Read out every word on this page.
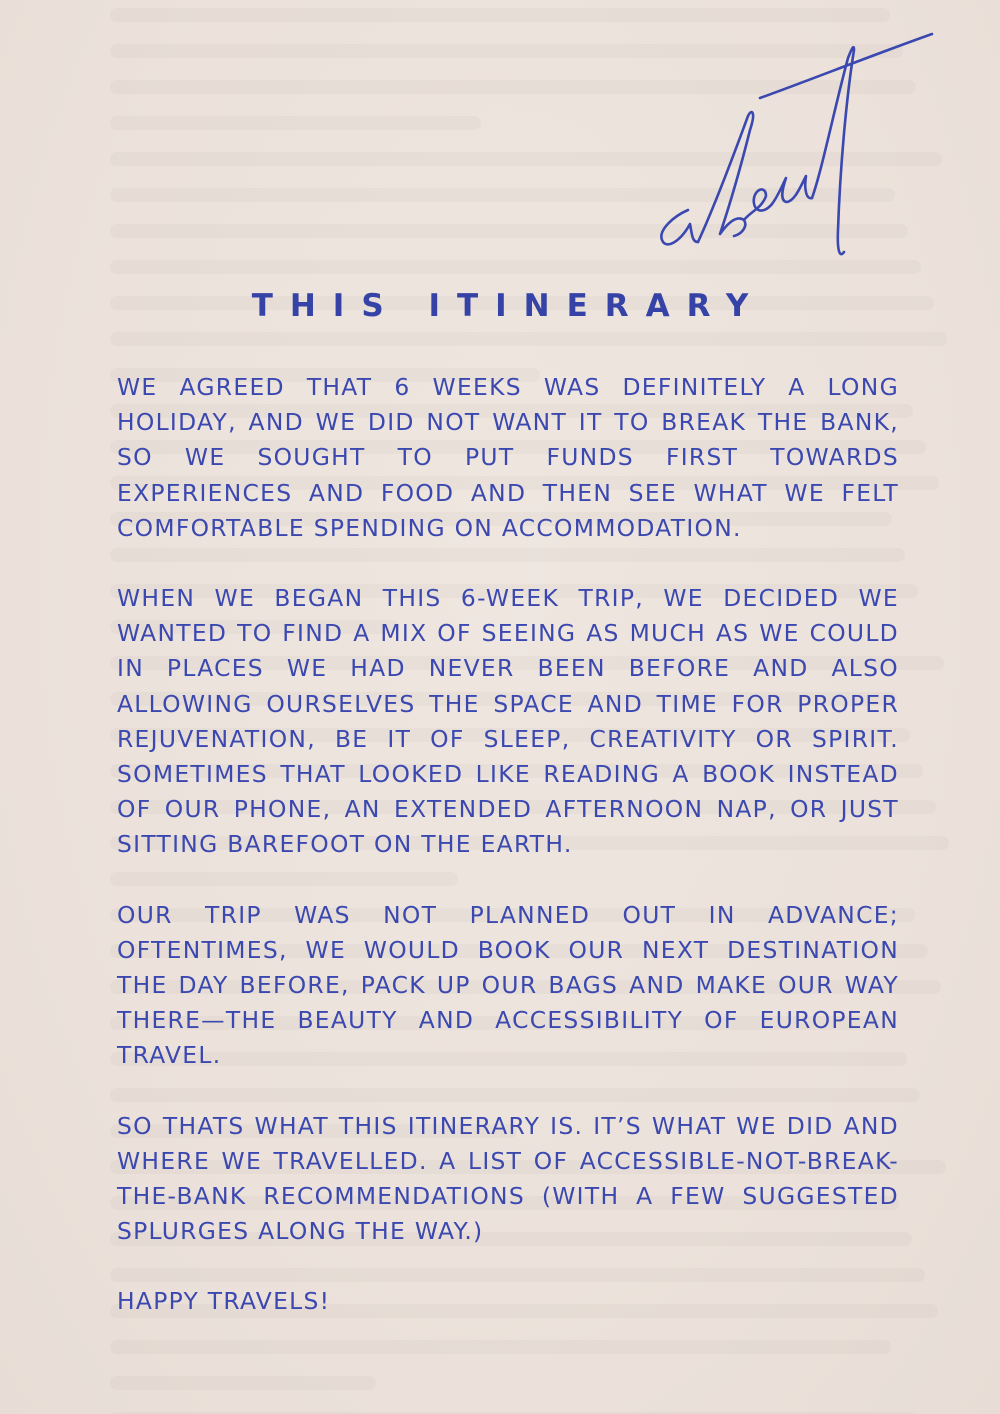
THIS ITINERARY

WE AGREED THAT 6 WEEKS WAS DEFINITELY A LONG HOLIDAY, AND WE DID NOT WANT IT TO BREAK THE BANK, SO WE SOUGHT TO PUT FUNDS FIRST TOWARDS EXPERIENCES AND FOOD AND THEN SEE WHAT WE FELT COMFORTABLE SPENDING ON ACCOMMODATION.

WHEN WE BEGAN THIS 6-WEEK TRIP, WE DECIDED WE WANTED TO FIND A MIX OF SEEING AS MUCH AS WE COULD IN PLACES WE HAD NEVER BEEN BEFORE AND ALSO ALLOWING OURSELVES THE SPACE AND TIME FOR PROPER REJUVENATION, BE IT OF SLEEP, CREATIVITY OR SPIRIT. SOMETIMES THAT LOOKED LIKE READING A BOOK INSTEAD OF OUR PHONE, AN EXTENDED AFTERNOON NAP, OR JUST SITTING BAREFOOT ON THE EARTH.

OUR TRIP WAS NOT PLANNED OUT IN ADVANCE; OFTENTIMES, WE WOULD BOOK OUR NEXT DESTINATION THE DAY BEFORE, PACK UP OUR BAGS AND MAKE OUR WAY THERE—THE BEAUTY AND ACCESSIBILITY OF EUROPEAN TRAVEL.

SO THATS WHAT THIS ITINERARY IS. IT’S WHAT WE DID AND WHERE WE TRAVELLED. A LIST OF ACCESSIBLE-NOT-BREAK-THE-BANK RECOMMENDATIONS (WITH A FEW SUGGESTED SPLURGES ALONG THE WAY.)

HAPPY TRAVELS!
